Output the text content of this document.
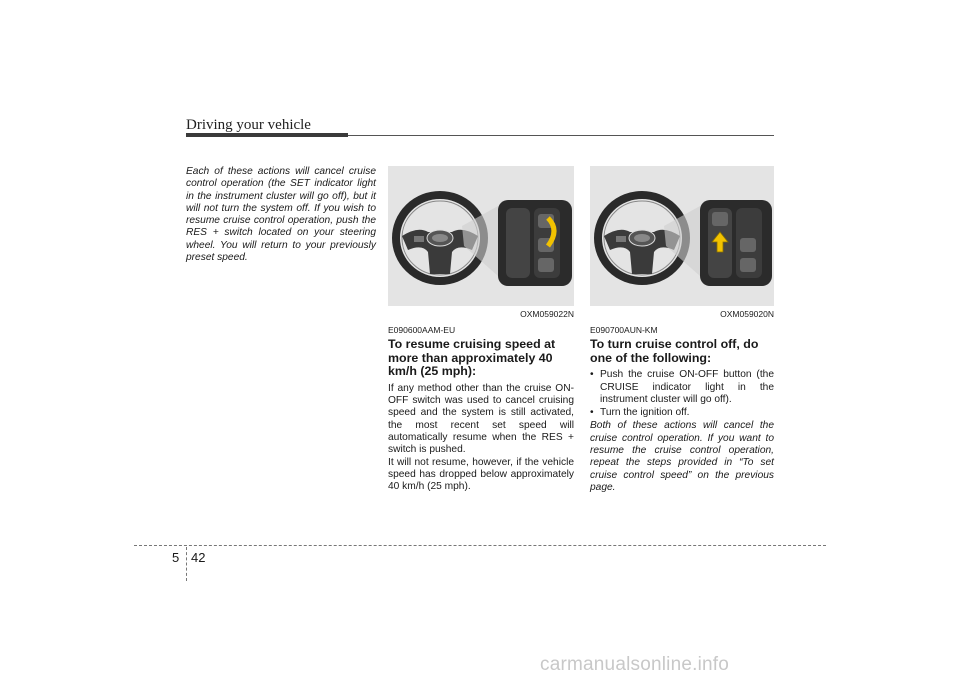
Driving your vehicle

Each of these actions will cancel cruise control operation (the SET indicator light in the instrument cluster will go off), but it will not turn the system off. If you wish to resume cruise control operation, push the RES + switch located on your steering wheel. You will return to your previously preset speed.

OXM059022N
E090600AAM-EU
To resume cruising speed at more than approximately 40 km/h (25 mph):

If any method other than the cruise ON-OFF switch was used to cancel cruising speed and the system is still activated, the most recent set speed will automatically resume when the RES + switch is pushed.

It will not resume, however, if the vehicle speed has dropped below approximately 40 km/h (25 mph).

OXM059020N
E090700AUN-KM
To turn cruise control off, do one of the following:
• Push the cruise ON-OFF button (the CRUISE indicator light in the instrument cluster will go off).
• Turn the ignition off.

Both of these actions will cancel the cruise control operation. If you want to resume the cruise control operation, repeat the steps provided in “To set cruise control speed” on the previous page.

5 42
carmanualsonline.info
